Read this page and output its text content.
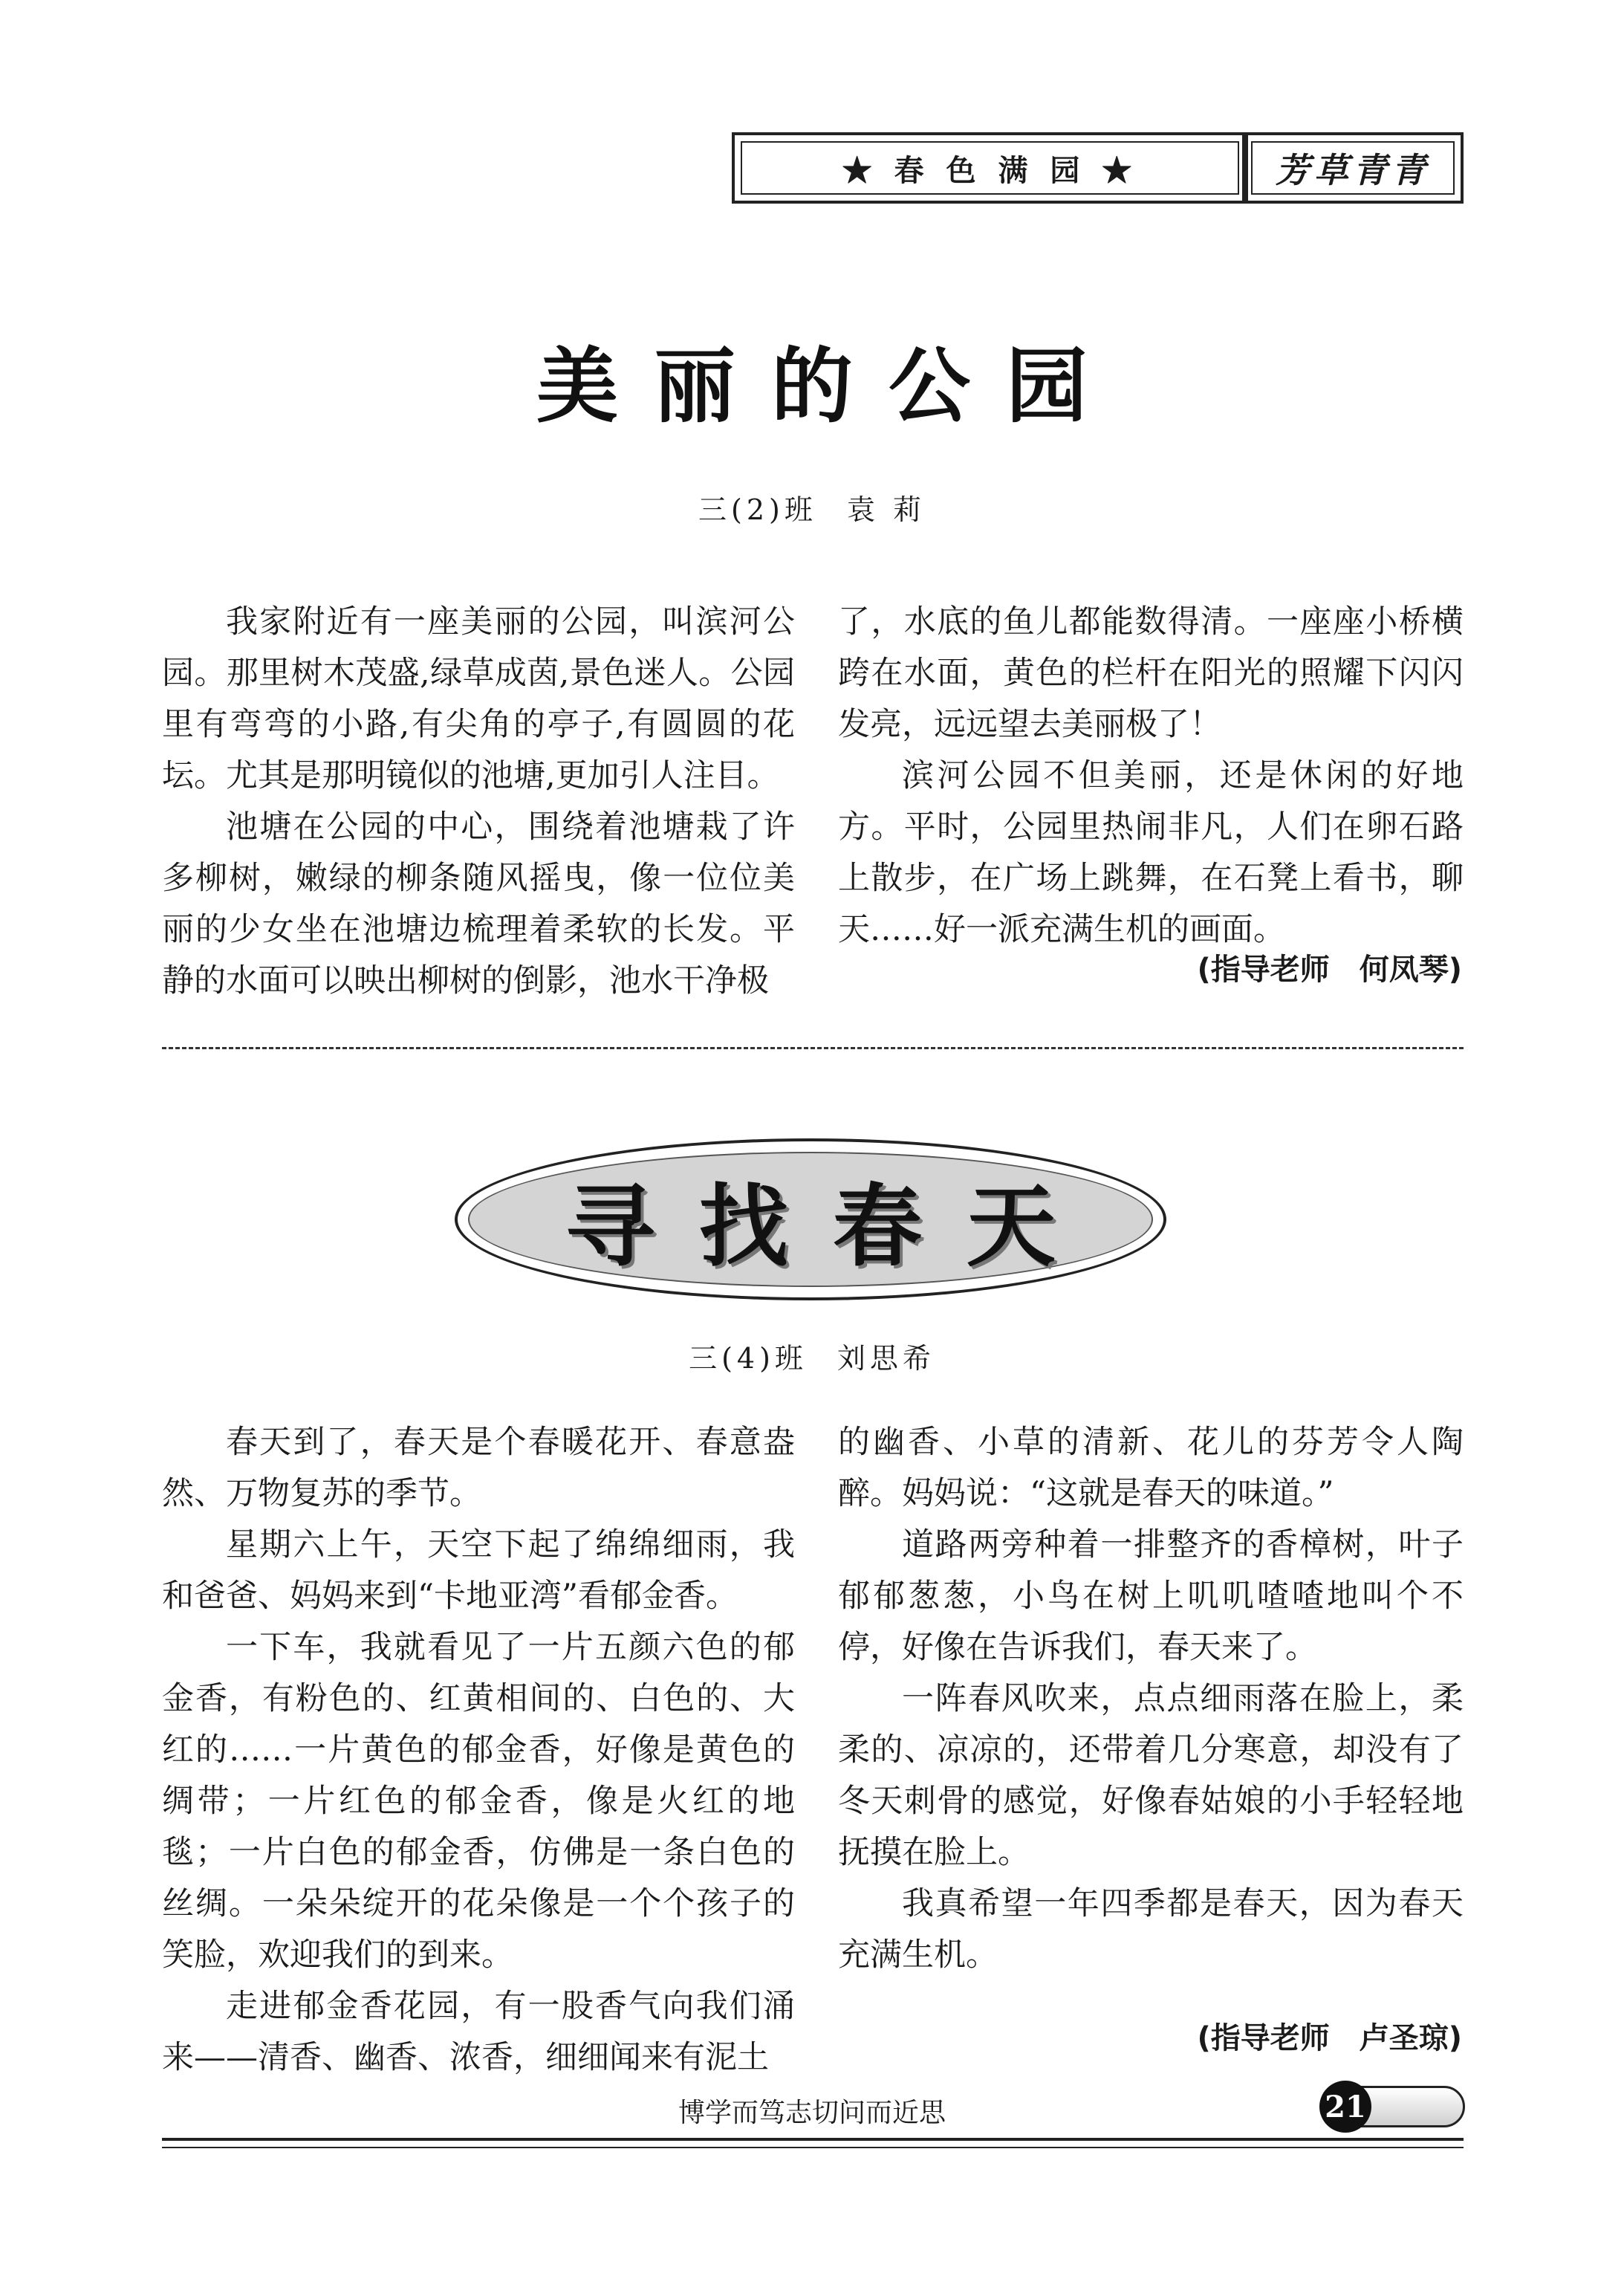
★ 春 色 满 园 ★	芳草青青
美丽的公园
三(2)班 袁 莉

我家附近有一座美丽的公园，叫滨河公园。那里树木茂盛,绿草成茵,景色迷人。公园里有弯弯的小路,有尖角的亭子,有圆圆的花坛。尤其是那明镜似的池塘,更加引人注目。

池塘在公园的中心，围绕着池塘栽了许多柳树，嫩绿的柳条随风摇曳，像一位位美丽的少女坐在池塘边梳理着柔软的长发。平静的水面可以映出柳树的倒影，池水干净极

了，水底的鱼儿都能数得清。一座座小桥横跨在水面，黄色的栏杆在阳光的照耀下闪闪发亮，远远望去美丽极了！

滨河公园不但美丽，还是休闲的好地方。平时，公园里热闹非凡，人们在卵石路上散步，在广场上跳舞，在石凳上看书，聊天……好一派充满生机的画面。

(指导老师　何凤琴)
寻找春天
三(4)班 刘思希

春天到了，春天是个春暖花开、春意盎然、万物复苏的季节。

星期六上午，天空下起了绵绵细雨，我和爸爸、妈妈来到“卡地亚湾”看郁金香。

一下车，我就看见了一片五颜六色的郁金香，有粉色的、红黄相间的、白色的、大红的……一片黄色的郁金香，好像是黄色的绸带；一片红色的郁金香，像是火红的地毯；一片白色的郁金香，仿佛是一条白色的丝绸。一朵朵绽开的花朵像是一个个孩子的笑脸，欢迎我们的到来。

走进郁金香花园，有一股香气向我们涌来——清香、幽香、浓香，细细闻来有泥土

的幽香、小草的清新、花儿的芬芳令人陶醉。妈妈说：“这就是春天的味道。”

道路两旁种着一排整齐的香樟树，叶子郁郁葱葱，小鸟在树上叽叽喳喳地叫个不停，好像在告诉我们，春天来了。

一阵春风吹来，点点细雨落在脸上，柔柔的、凉凉的，还带着几分寒意，却没有了冬天刺骨的感觉，好像春姑娘的小手轻轻地抚摸在脸上。

我真希望一年四季都是春天，因为春天充满生机。

(指导老师　卢圣琼)
博学而笃志切问而近思	21
